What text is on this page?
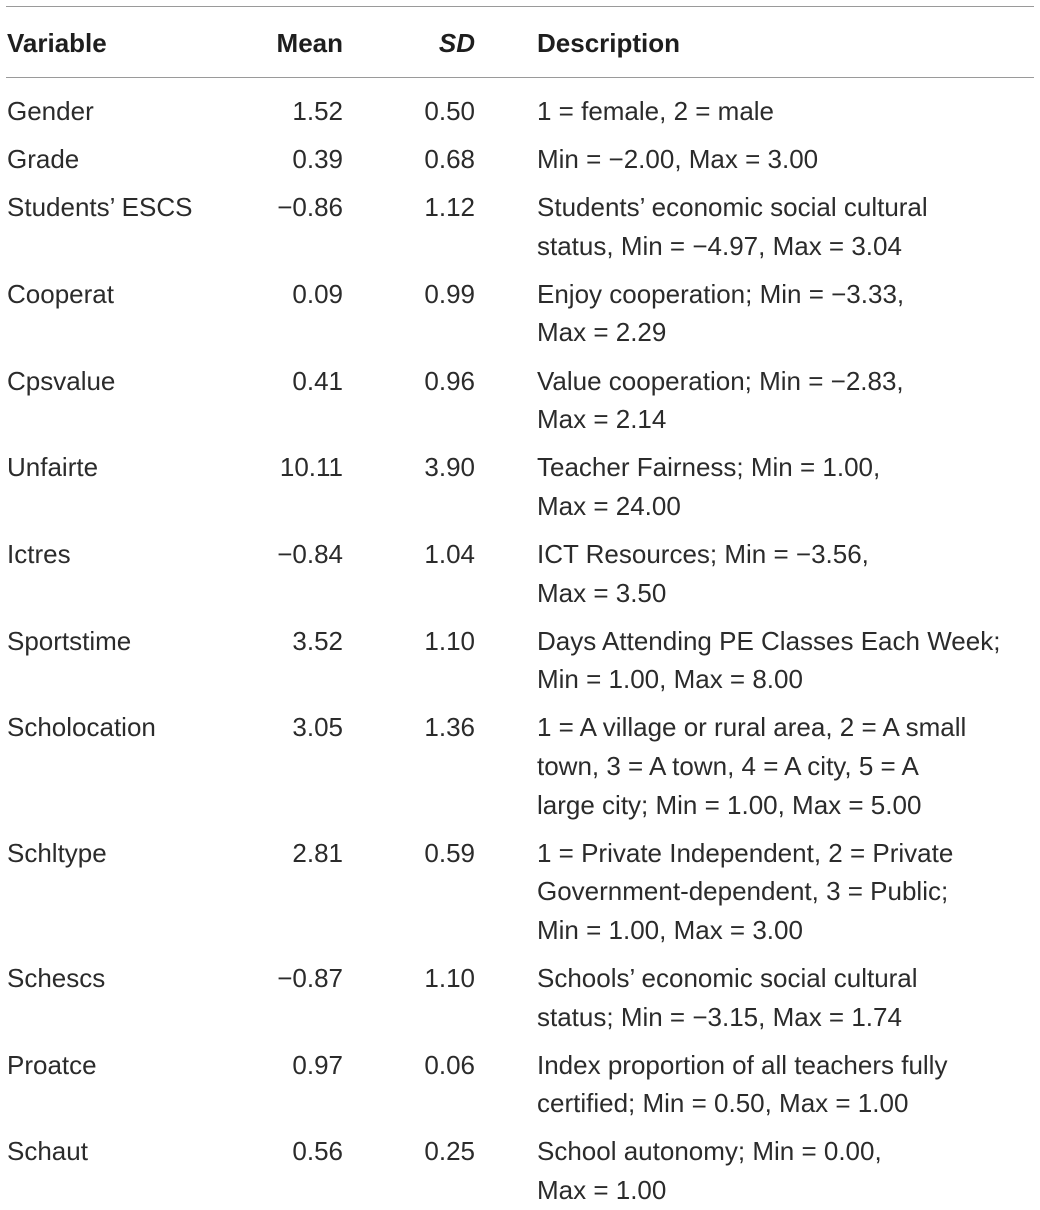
Variable	Mean	SD Description
Gender	1.52	0.50 1 = female, 2 = male
Grade	0.39	0.68 Min = −2.00, Max = 3.00
Students’ ESCS	−0.86	1.12 Students’ economic social cultural
status, Min = −4.97, Max = 3.04
Cooperat	0.09	0.99 Enjoy cooperation; Min = −3.33,
Max = 2.29
Cpsvalue	0.41	0.96 Value cooperation; Min = −2.83,
Max = 2.14
Unfairte	10.11	3.90 Teacher Fairness; Min = 1.00,
Max = 24.00
Ictres	−0.84	1.04 ICT Resources; Min = −3.56,
Max = 3.50
Sportstime	3.52	1.10 Days Attending PE Classes Each Week;
Min = 1.00, Max = 8.00
Scholocation	3.05	1.36 1 = A village or rural area, 2 = A small
town, 3 = A town, 4 = A city, 5 = A
large city; Min = 1.00, Max = 5.00
Schltype	2.81	0.59 1 = Private Independent, 2 = Private
Government-dependent, 3 = Public;
Min = 1.00, Max = 3.00
Schescs	−0.87	1.10 Schools’ economic social cultural
status; Min = −3.15, Max = 1.74
Proatce	0.97	0.06 Index proportion of all teachers fully
certified; Min = 0.50, Max = 1.00
Schaut	0.56	0.25 School autonomy; Min = 0.00,
Max = 1.00
